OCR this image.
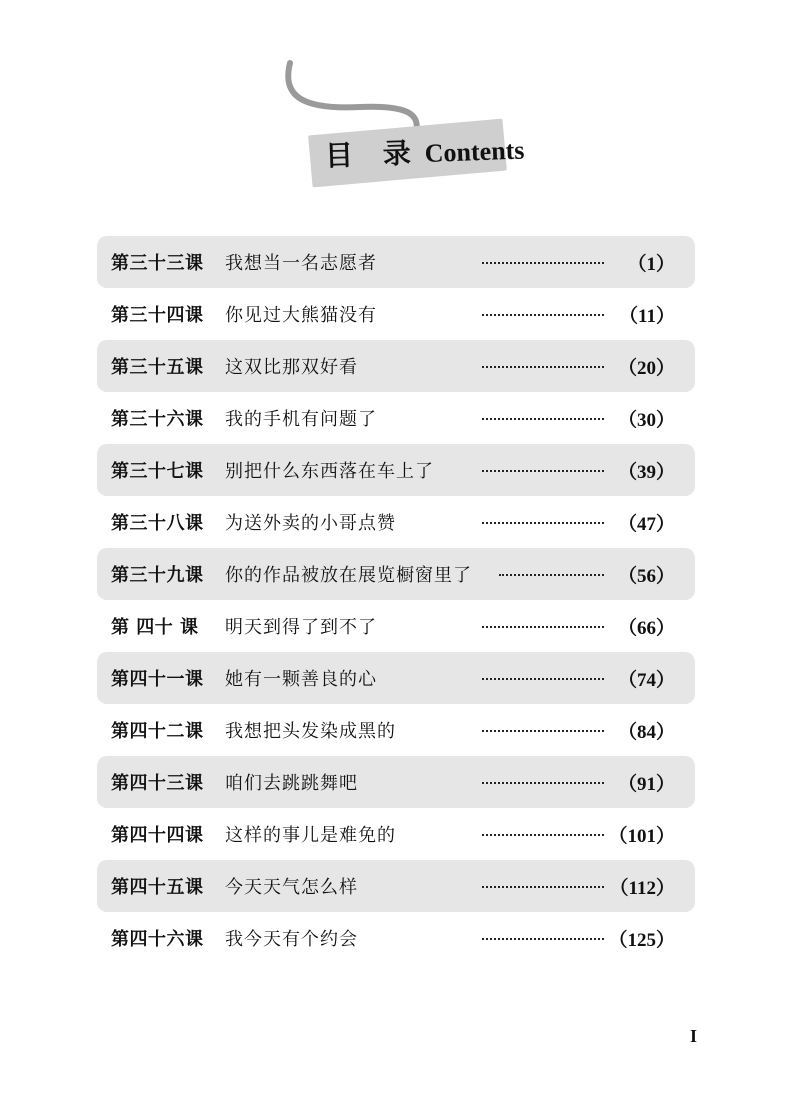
目 录 Contents
第三十三课 我想当一名志愿者	（1）
第三十四课 你见过大熊猫没有	（11）
第三十五课 这双比那双好看	（20）
第三十六课 我的手机有问题了	（30）
第三十七课 别把什么东西落在车上了	（39）
第三十八课 为送外卖的小哥点赞	（47）
第三十九课 你的作品被放在展览橱窗里了	（56）
第 四十 课 明天到得了到不了	（66）
第四十一课 她有一颗善良的心	（74）
第四十二课 我想把头发染成黑的	（84）
第四十三课 咱们去跳跳舞吧	（91）
第四十四课 这样的事儿是难免的	（101）
第四十五课 今天天气怎么样	（112）
第四十六课 我今天有个约会	（125）
I
